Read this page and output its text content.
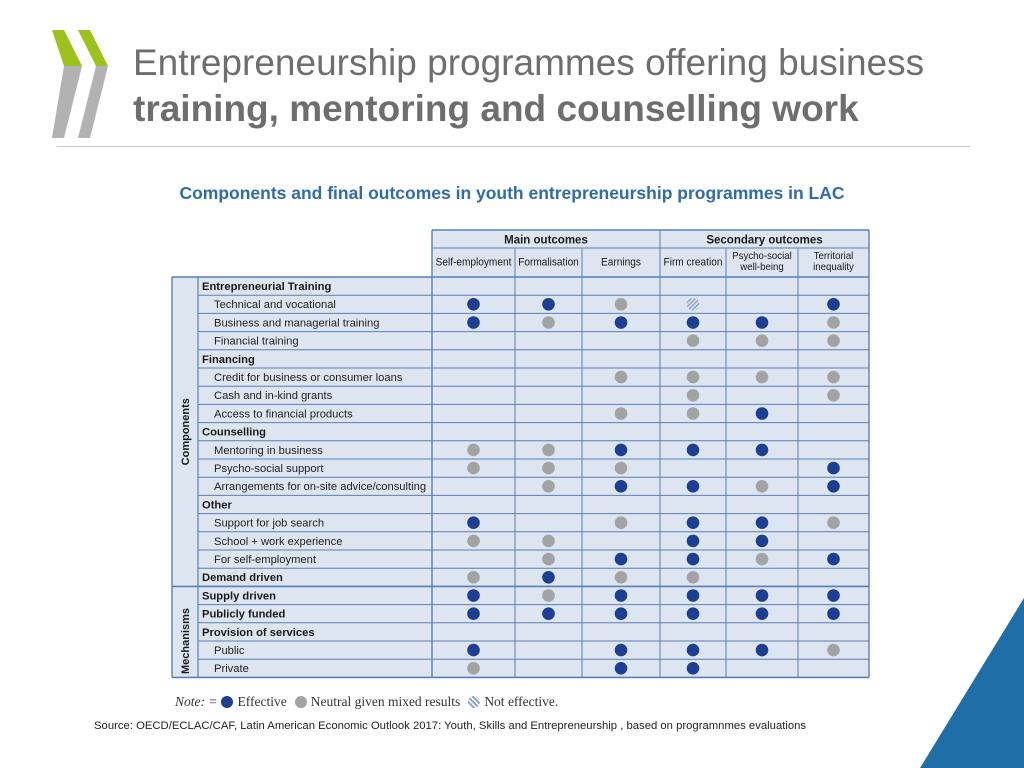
Entrepreneurship programmes offering business
training, mentoring and counselling work
Components and final outcomes in youth entrepreneurship programmes in LAC
Components
Mechanisms
Main outcomes	Secondary outcomes
Self-employment Formalisation Earnings Firm creation Psycho-social
well-being
Territorial
inequality
Entrepreneurial Training
Technical and vocational
Business and managerial training
Financial training
Financing
Credit for business or consumer loans
Cash and in-kind grants
Access to financial products
Counselling
Mentoring in business
Psycho-social support
Arrangements for on-site advice/consulting
Other
Support for job search
School + work experience
For self-employment
Demand driven
Supply driven
Publicly funded
Provision of services
Public
Private
Note: = Effective Neutral given mixed results Not effective.
Source: OECD/ECLAC/CAF, Latin American Economic Outlook 2017: Youth, Skills and Entrepreneurship , based on programnmes evaluations
